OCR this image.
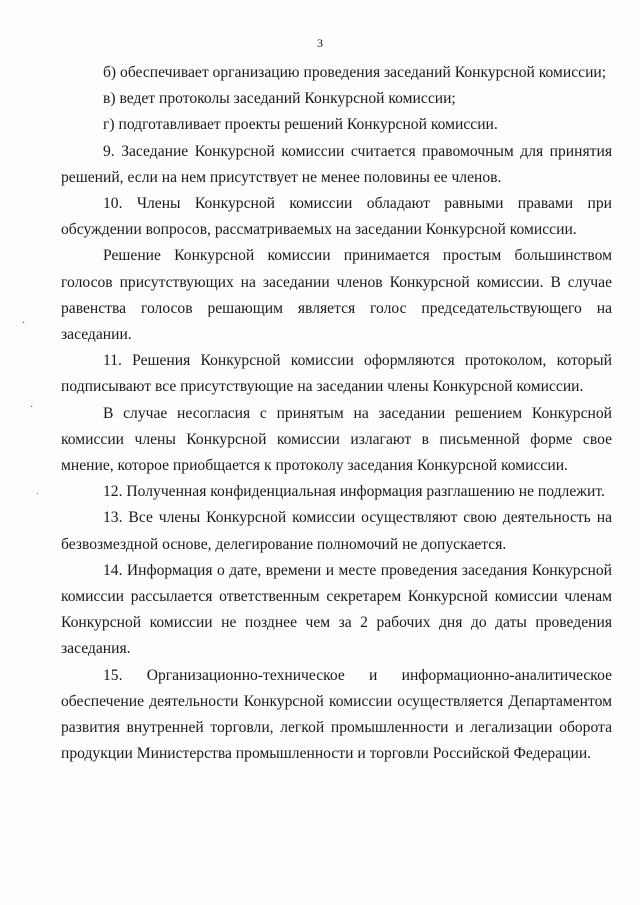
3

б) обеспечивает организацию проведения заседаний Конкурсной комиссии;

в) ведет протоколы заседаний Конкурсной комиссии;

г) подготавливает проекты решений Конкурсной комиссии.

9. Заседание Конкурсной комиссии считается правомочным для принятия решений, если на нем присутствует не менее половины ее членов.

10. Члены Конкурсной комиссии обладают равными правами при обсуждении вопросов, рассматриваемых на заседании Конкурсной комиссии.

Решение Конкурсной комиссии принимается простым большинством голосов присутствующих на заседании членов Конкурсной комиссии. В случае равенства голосов решающим является голос председательствующего на заседании.

11. Решения Конкурсной комиссии оформляются протоколом, который подписывают все присутствующие на заседании члены Конкурсной комиссии.

В случае несогласия с принятым на заседании решением Конкурсной комиссии члены Конкурсной комиссии излагают в письменной форме свое мнение, которое приобщается к протоколу заседания Конкурсной комиссии.

12. Полученная конфиденциальная информация разглашению не подлежит.

13. Все члены Конкурсной комиссии осуществляют свою деятельность на безвозмездной основе, делегирование полномочий не допускается.

14. Информация о дате, времени и месте проведения заседания Конкурсной комиссии рассылается ответственным секретарем Конкурсной комиссии членам Конкурсной комиссии не позднее чем за 2 рабочих дня до даты проведения заседания.

15. Организационно-техническое и информационно-аналитическое обеспечение деятельности Конкурсной комиссии осуществляется Департаментом развития внутренней торговли, легкой промышленности и легализации оборота продукции Министерства промышленности и торговли Российской Федерации.

·
·
ˌ
